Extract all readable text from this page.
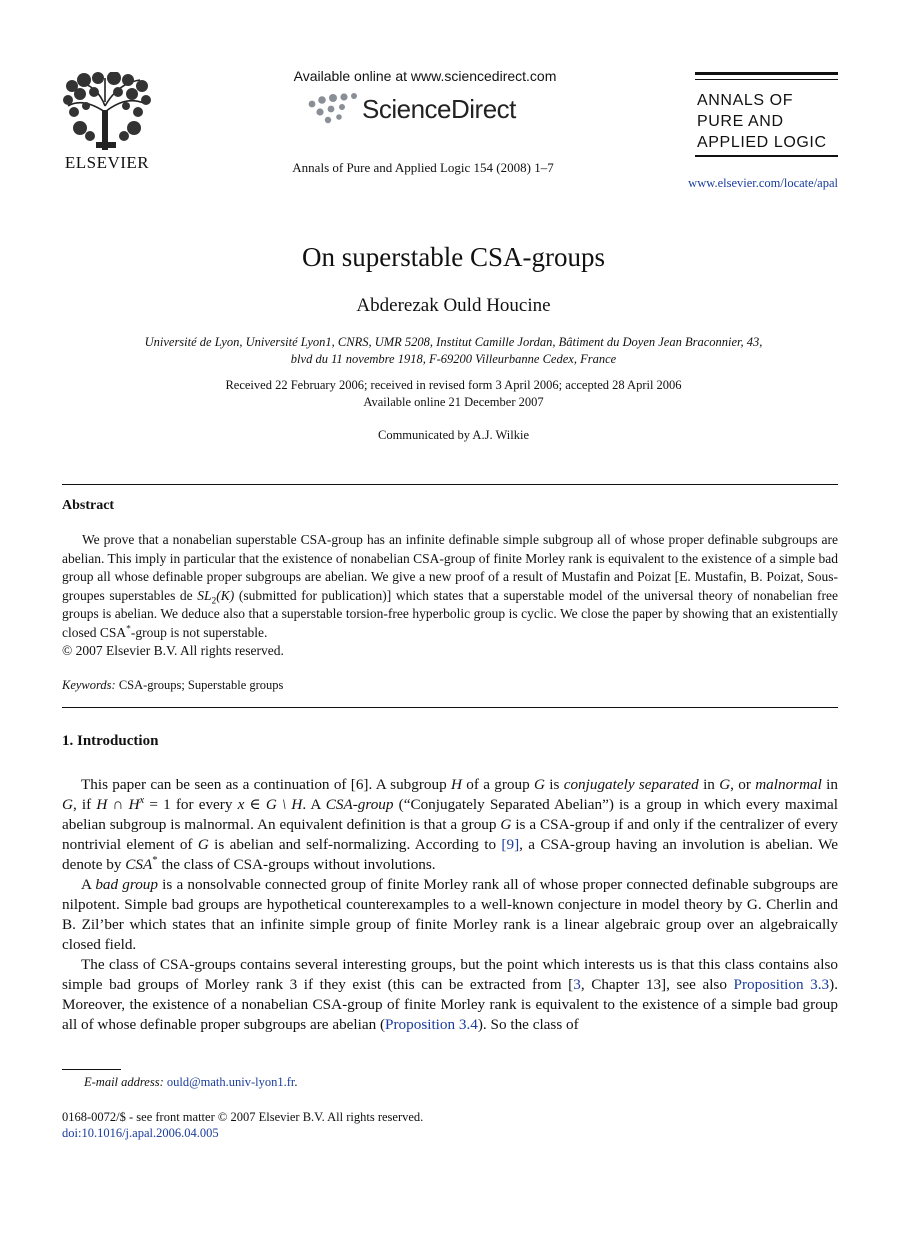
ELSEVIER
Available online at www.sciencedirect.com
ScienceDirect
Annals of Pure and Applied Logic 154 (2008) 1–7
ANNALS OF
PURE AND
APPLIED LOGIC
www.elsevier.com/locate/apal
On superstable CSA-groups
Abderezak Ould Houcine
Université de Lyon, Université Lyon1, CNRS, UMR 5208, Institut Camille Jordan, Bâtiment du Doyen Jean Braconnier, 43,
blvd du 11 novembre 1918, F-69200 Villeurbanne Cedex, France
Received 22 February 2006; received in revised form 3 April 2006; accepted 28 April 2006
Available online 21 December 2007
Communicated by A.J. Wilkie
Abstract

We prove that a nonabelian superstable CSA-group has an infinite definable simple subgroup all of whose proper definable subgroups are abelian. This imply in particular that the existence of nonabelian CSA-group of finite Morley rank is equivalent to the existence of a simple bad group all whose definable proper subgroups are abelian. We give a new proof of a result of Mustafin and Poizat [E. Mustafin, B. Poizat, Sous-groupes superstables de $SL_2(K)$ (submitted for publication)] which states that a superstable model of the universal theory of nonabelian free groups is abelian. We deduce also that a superstable torsion-free hyperbolic group is cyclic. We close the paper by showing that an existentially closed CSA*-group is not superstable.

© 2007 Elsevier B.V. All rights reserved.
Keywords: CSA-groups; Superstable groups
1. Introduction

This paper can be seen as a continuation of [6]. A subgroup H of a group G is conjugately separated in G, or malnormal in G, if H ∩ $H^x = 1$ for every x ∈ G \ H. A CSA-group (“Conjugately Separated Abelian”) is a group in which every maximal abelian subgroup is malnormal. An equivalent definition is that a group G is a CSA-group if and only if the centralizer of every nontrivial element of G is abelian and self-normalizing. According to [9], a CSA-group having an involution is abelian. We denote by CSA* the class of CSA-groups without involutions.

A bad group is a nonsolvable connected group of finite Morley rank all of whose proper connected definable subgroups are nilpotent. Simple bad groups are hypothetical counterexamples to a well-known conjecture in model theory by G. Cherlin and B. Zil’ber which states that an infinite simple group of finite Morley rank is a linear algebraic group over an algebraically closed field.

The class of CSA-groups contains several interesting groups, but the point which interests us is that this class contains also simple bad groups of Morley rank 3 if they exist (this can be extracted from [3, Chapter 13], see also Proposition 3.3). Moreover, the existence of a nonabelian CSA-group of finite Morley rank is equivalent to the existence of a simple bad group all of whose definable proper subgroups are abelian (Proposition 3.4). So the class of

E-mail address: ould@math.univ-lyon1.fr.
0168-0072/$ - see front matter © 2007 Elsevier B.V. All rights reserved.
doi:10.1016/j.apal.2006.04.005
